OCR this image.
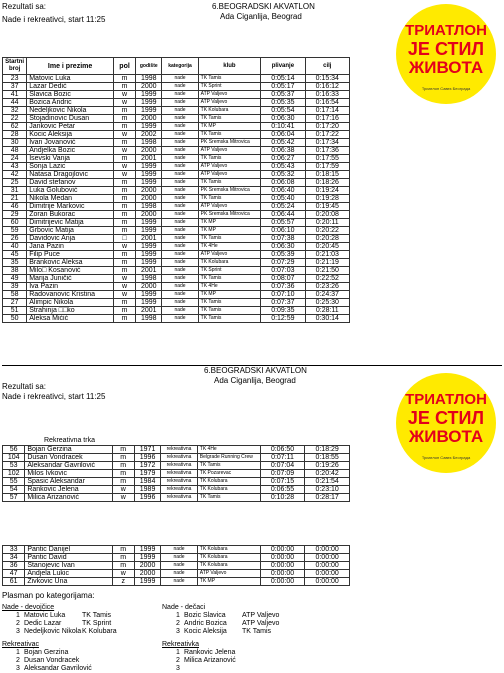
Rezultati sa:
Nade i rekreativci, start 11:25
6.BEOGRADSKI AKVATLON
Ada Ciganlija, Beograd
ТРИАТЛОН
ЈЕ СТИЛ
ЖИВОТА
Триатлон Савез Београда
Startni broj	Ime i prezime	pol	godište	kategorija	klub	plivanje	cilj
23	Matovic Luka	m	1998	nade	TK Tamis	0:05:14	0:15:34
37	Lazar Dedić	m	2000	nade	TK Sprint	0:05:17	0:16:12
41	Slavica Bozic	w	1999	nade	ATP Valjevo	0:05:37	0:16:33
44	Bozica Andric	w	1999	nade	ATP Valjevo	0:05:35	0:16:54
32	Nedeljkovic Nikola	m	1999	nade	TK Kolubara	0:05:54	0:17:14
22	Stojadinovic Dusan	m	2000	nade	TK Tamis	0:06:30	0:17:16
62	Jankovic Petar	m	1999	nade	TK MP	0:10:41	0:17:20
28	Kocic Aleksija	w	2002	nade	TK Tamis	0:06:04	0:17:22
30	Ivan Jovanović	m	1998	nade	PK Sremska Mitrovica	0:05:42	0:17:34
48	Andjelka Bozic	w	2000	nade	ATP Valjevo	0:06:38	0:17:36
24	Isevski Vanja	m	2001	nade	TK Tamis	0:06:27	0:17:55
43	Sonja Lazic	w	1999	nade	ATP Valjevo	0:05:43	0:17:59
42	Natasa Dragojlovic	w	1999	nade	ATP Valjevo	0:05:32	0:18:15
25	David stefanov	m	1999	nade	TK Tamis	0:06:08	0:18:26
31	Luka Golubović	m	2000	nade	PK Sremska Mitrovica	0:06:40	0:19:24
21	Nikola Medan	m	2000	nade	TK Tamis	0:05:40	0:19:28
46	Dimitrije Markovic	m	1998	nade	ATP Valjevo	0:05:24	0:19:45
29	Zoran Bukorac	m	2000	nade	PK Sremska Mitrovica	0:06:44	0:20:08
60	Dimitrijevic Matija	m	1999	nade	TK MP	0:05:57	0:20:11
59	Grbovic Matija	m	1999	nade	TK MP	0:06:10	0:20:22
26	Davidovic Anja	□	2001	nade	TK Tamis	0:07:38	0:20:28
40	Jana Pazin	w	1999	nade	TK 4He	0:06:30	0:20:45
45	Filip Puce	m	1999	nade	ATP Valjevo	0:05:39	0:21:03
35	Brankovic Aleksa	m	1999	nade	TK Kolubara	0:07:29	0:21:19
38	Milo□ Kosanović	m	2001	nade	TK Sprint	0:07:03	0:21:50
49	Marija Juničić	w	1998	nade	TK Tamis	0:08:07	0:22:52
39	Iva Pazin	w	2000	nade	TK 4He	0:07:36	0:23:26
58	Radovanovic Kristina	w	1999	nade	TK MP	0:07:10	0:24:37
27	Alimpic Nikola	m	1999	nade	TK Tamis	0:07:37	0:25:30
51	Strahinja □□ko	m	2001	nade	TK Tamis	0:09:35	0:28:11
50	Aleksa Mićić	m	1998	nade	TK Tamis	0:12:59	0:30:14
6.BEOGRADSKI AKVATLON
Ada Ciganlija, Beograd
Rezultati sa:
Nade i rekreativci, start 11:25	ТРИАТЛОН
ЈЕ СТИЛ
ЖИВОТА
Триатлон Савез Београда
Rekreativna trka
56	Bojan Gerzina	m	1971	rekreativna	TK 4He	0:06:50	0:18:29
104	Dusan Vondracek	m	1996	rekreativna	Belgrade Running Crew	0:07:11	0:18:55
53	Aleksandar Gavrilović	m	1972	rekreativna	TK Tamis	0:07:04	0:19:26
102	Milos Ivkovic	m	1979	rekreativna	TK Pozarevac	0:07:09	0:20:42
55	Spasic Aleksandar	m	1984	rekreativna	TK Kolubara	0:07:15	0:21:54
54	Rankovic Jelena	w	1989	rekreativna	TK Kolubara	0:06:55	0:23:10
57	Milica Arizanović	w	1996	rekreativna	TK Tamis	0:10:28	0:28:17
33	Pantic Danijel	m	1999	nade	TK Kolubara	0:00:00	0:00:00
34	Pantic David	m	1999	nade	TK Kolubara	0:00:00	0:00:00
36	Stanojevic Ivan	m	2000	nade	TK Kolubara	0:00:00	0:00:00
47	Andjela Lukic	w	2000	nade	ATP Valjevo	0:00:00	0:00:00
61	Zivkovic Una	z	1999	nade	TK MP	0:00:00	0:00:00
Plasman po kategorijama:
Nade - devojčice
1 Matovic Luka TK Tamis
2 Dedic Lazar	TK Sprint
3 Nedeljkovic Nikola K Kolubara
Nade - dečaci
1 Bozic Slavica ATP Valjevo
2 Andric Bozica ATP Valjevo
3 Kocic Aleksija TK Tamis
Rekreativac
1 Bojan Gerzina
2 Dusan Vondracek
3 Aleksandar Gavrilović
Rekreativka
1 Rankovic Jelena
2 Milica Arizanović
3
